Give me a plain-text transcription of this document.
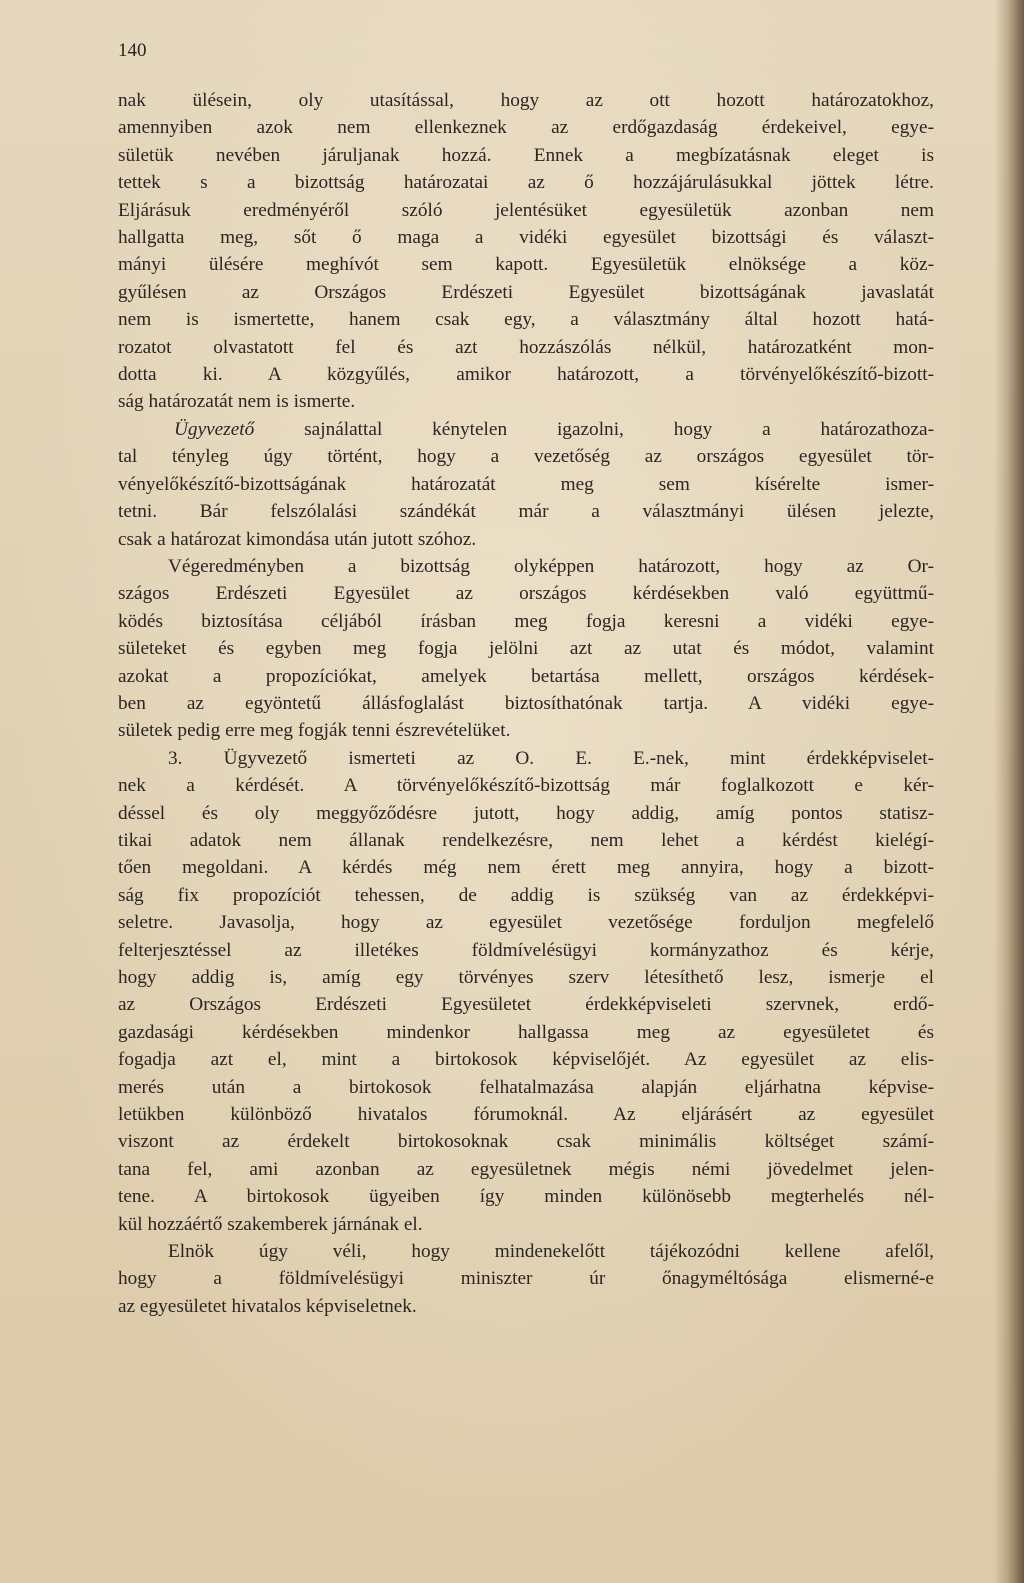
140
nak ülésein, oly utasítással, hogy az ott hozott határozatokhoz,
amennyiben azok nem ellenkeznek az erdőgazdaság érdekeivel, egye-
sületük nevében járuljanak hozzá. Ennek a megbízatásnak eleget is
tettek s a bizottság határozatai az ő hozzájárulásukkal jöttek létre.
Eljárásuk eredményéről szóló jelentésüket egyesületük azonban nem
hallgatta meg, sőt ő maga a vidéki egyesület bizottsági és választ-
mányi ülésére meghívót sem kapott. Egyesületük elnöksége a köz-
gyűlésen az Országos Erdészeti Egyesület bizottságának javaslatát
nem is ismertette, hanem csak egy, a választmány által hozott hatá-
rozatot olvastatott fel és azt hozzászólás nélkül, határozatként mon-
dotta ki. A közgyűlés, amikor határozott, a törvényelőkészítő-bizott-
ság határozatát nem is ismerte.
Ügyvezető sajnálattal kénytelen igazolni, hogy a határozathoza-
tal tényleg úgy történt, hogy a vezetőség az országos egyesület tör-
vényelőkészítő-bizottságának határozatát meg sem kísérelte ismer-
tetni. Bár felszólalási szándékát már a választmányi ülésen jelezte,
csak a határozat kimondása után jutott szóhoz.
Végeredményben a bizottság olyképpen határozott, hogy az Or-
szágos Erdészeti Egyesület az országos kérdésekben való együttmű-
ködés biztosítása céljából írásban meg fogja keresni a vidéki egye-
sületeket és egyben meg fogja jelölni azt az utat és módot, valamint
azokat a propozíciókat, amelyek betartása mellett, országos kérdések-
ben az egyöntetű állásfoglalást biztosíthatónak tartja. A vidéki egye-
sületek pedig erre meg fogják tenni észrevételüket.
3. Ügyvezető ismerteti az O. E. E.-nek, mint érdekképviselet-
nek a kérdését. A törvényelőkészítő-bizottság már foglalkozott e kér-
déssel és oly meggyőződésre jutott, hogy addig, amíg pontos statisz-
tikai adatok nem állanak rendelkezésre, nem lehet a kérdést kielégí-
tően megoldani. A kérdés még nem érett meg annyira, hogy a bizott-
ság fix propozíciót tehessen, de addig is szükség van az érdekképvi-
seletre. Javasolja, hogy az egyesület vezetősége forduljon megfelelő
felterjesztéssel az illetékes földmívelésügyi kormányzathoz és kérje,
hogy addig is, amíg egy törvényes szerv létesíthető lesz, ismerje el
az Országos Erdészeti Egyesületet érdekképviseleti szervnek, erdő-
gazdasági kérdésekben mindenkor hallgassa meg az egyesületet és
fogadja azt el, mint a birtokosok képviselőjét. Az egyesület az elis-
merés után a birtokosok felhatalmazása alapján eljárhatna képvise-
letükben különböző hivatalos fórumoknál. Az eljárásért az egyesület
viszont az érdekelt birtokosoknak csak minimális költséget számí-
tana fel, ami azonban az egyesületnek mégis némi jövedelmet jelen-
tene. A birtokosok ügyeiben így minden különösebb megterhelés nél-
kül hozzáértő szakemberek járnának el.
Elnök úgy véli, hogy mindenekelőtt tájékozódni kellene afelől,
hogy a földmívelésügyi miniszter úr őnagyméltósága elismerné-e
az egyesületet hivatalos képviseletnek.
